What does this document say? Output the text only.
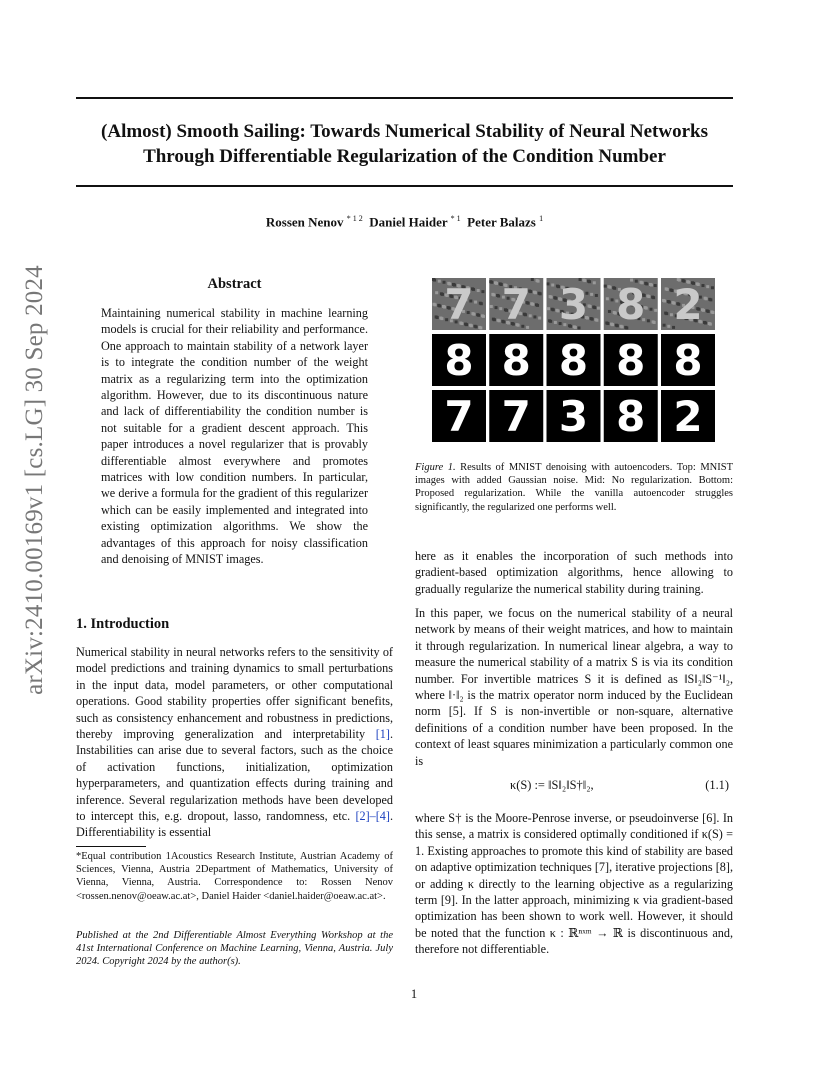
(Almost) Smooth Sailing: Towards Numerical Stability of Neural Networks
Through Differentiable Regularization of the Condition Number
Rossen Nenov $^{* 1 2}$ Daniel Haider $^{* 1}$ Peter Balazs $^1$
arXiv:2410.00169v1 [cs.LG] 30 Sep 2024	Abstract
Maintaining numerical stability in machine learning models is crucial for their reliability and performance. One approach to maintain stability of a network layer is to integrate the condition number of the weight matrix as a regularizing term into the optimization algorithm. However, due to its discontinuous nature and lack of differentiability the condition number is not suitable for a gradient descent approach. This paper introduces a novel regularizer that is provably differentiable almost everywhere and promotes matrices with low condition numbers. In particular, we derive a formula for the gradient of this regularizer which can be easily implemented and integrated into existing optimization algorithms. We show the advantages of this approach for noisy classification and denoising of MNIST images.
1. Introduction

Numerical stability in neural networks refers to the sensitivity of model predictions and training dynamics to small perturbations in the input data, model parameters, or other computational operations. Good stability properties offer significant benefits, such as consistency enhancement and robustness in predictions, thereby improving generalization and interpretability [1]. Instabilities can arise due to several factors, such as the choice of activation functions, initialization, optimization hyperparameters, and quantization effects during training and inference. Several regularization methods have been developed to intercept this, e.g. dropout, lasso, randomness, etc. [2]–[4]. Differentiability is essential

*Equal contribution 1Acoustics Research Institute, Austrian Academy of Sciences, Vienna, Austria 2Department of Mathematics, University of Vienna, Vienna, Austria. Correspondence to: Rossen Nenov <rossen.nenov@oeaw.ac.at>, Daniel Haider <daniel.haider@oeaw.ac.at>.
Published at the 2nd Differentiable Almost Everything Workshop at the 41st International Conference on Machine Learning, Vienna, Austria. July 2024. Copyright 2024 by the author(s).
7 7 3 8 2
8 8 8 8 8
7 7 3 8 2
Figure 1. Results of MNIST denoising with autoencoders. Top: MNIST images with added Gaussian noise. Mid: No regularization. Bottom: Proposed regularization. While the vanilla autoencoder struggles significantly, the regularized one performs well.
here as it enables the incorporation of such methods into gradient-based optimization algorithms, hence allowing to gradually regularize the numerical stability during training.
In this paper, we focus on the numerical stability of a neural network by means of their weight matrices, and how to maintain it through regularization. In numerical linear algebra, a way to measure the numerical stability of a matrix S is via its condition number. For invertible matrices S it is defined as ‖S‖₂‖S⁻¹‖₂, where ‖·‖₂ is the matrix operator norm induced by the Euclidean norm [5]. If S is non-invertible or non-square, alternative definitions of a condition number have been proposed. In the context of least squares minimization a particularly common one is
κ(S) := ‖S‖₂‖S†‖₂,	(1.1)
where S† is the Moore-Penrose inverse, or pseudoinverse [6]. In this sense, a matrix is considered optimally conditioned if κ(S) = 1. Existing approaches to promote this kind of stability are based on adaptive optimization techniques [7], iterative projections [8], or adding κ directly to the learning objective as a regularizing term [9]. In the latter approach, minimizing κ via gradient-based optimization has been shown to work well. However, it should be noted that the function κ : ℝⁿˣᵐ → ℝ is discontinuous and, therefore not differentiable.
1
